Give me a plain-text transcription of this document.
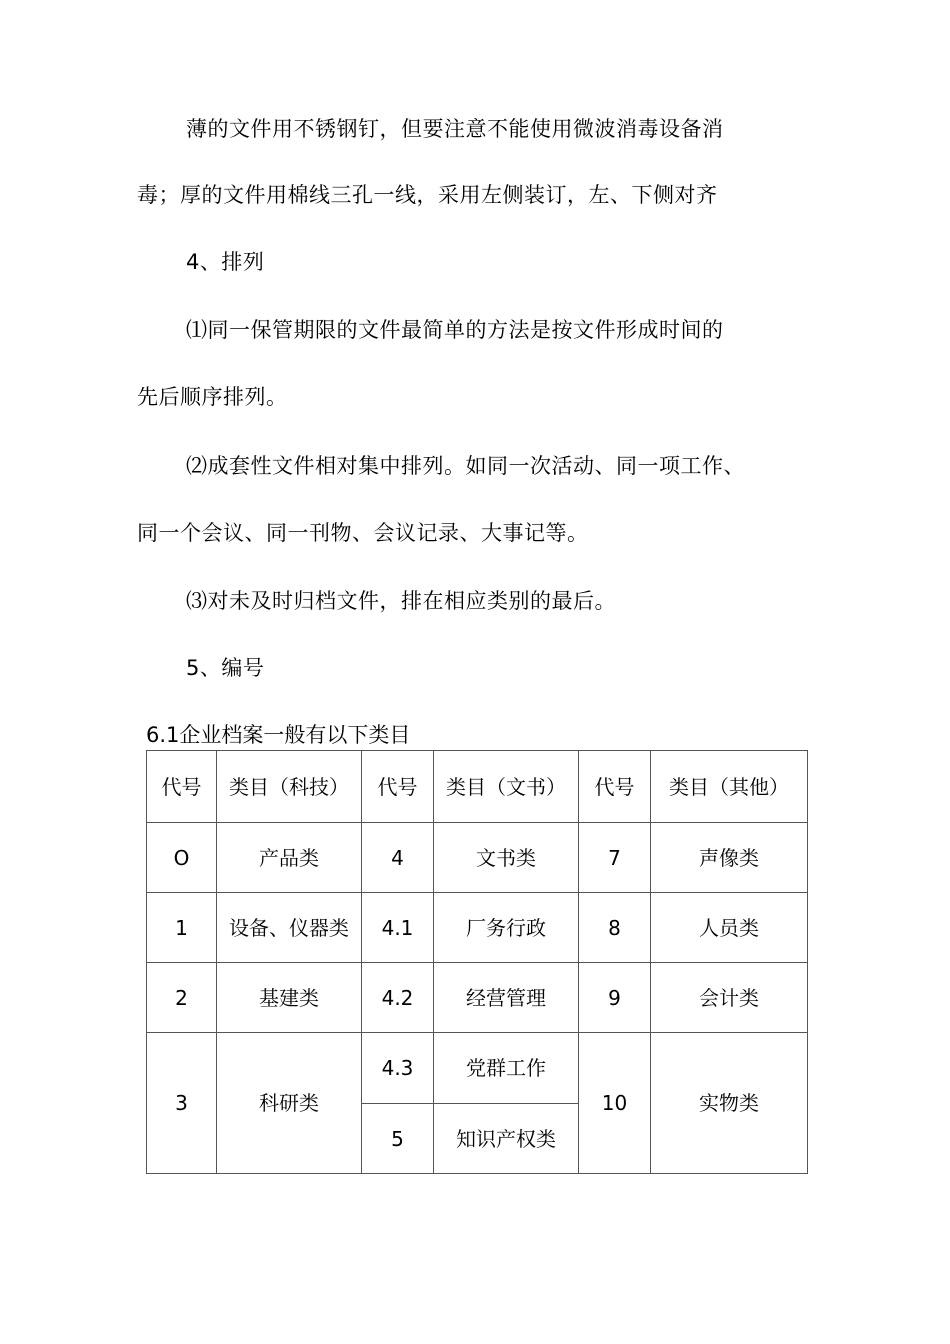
薄的文件用不锈钢钉，但要注意不能使用微波消毒设备消
毒；厚的文件用棉线三孔一线，采用左侧装订，左、下侧对齐
4、排列
⑴同一保管期限的文件最简单的方法是按文件形成时间的
先后顺序排列。
⑵成套性文件相对集中排列。如同一次活动、同一项工作、
同一个会议、同一刊物、会议记录、大事记等。
⑶对未及时归档文件，排在相应类别的最后。
5、编号
6.1企业档案一般有以下类目
代号	类目（科技）	代号	类目（文书）	代号	类目（其他）
O	产品类	4	文书类	7	声像类
1	设备、仪器类	4.1	厂务行政	8	人员类
2	基建类	4.2	经营管理	9	会计类
3	科研类	4.3	党群工作	10	实物类
		5	知识产权类		
